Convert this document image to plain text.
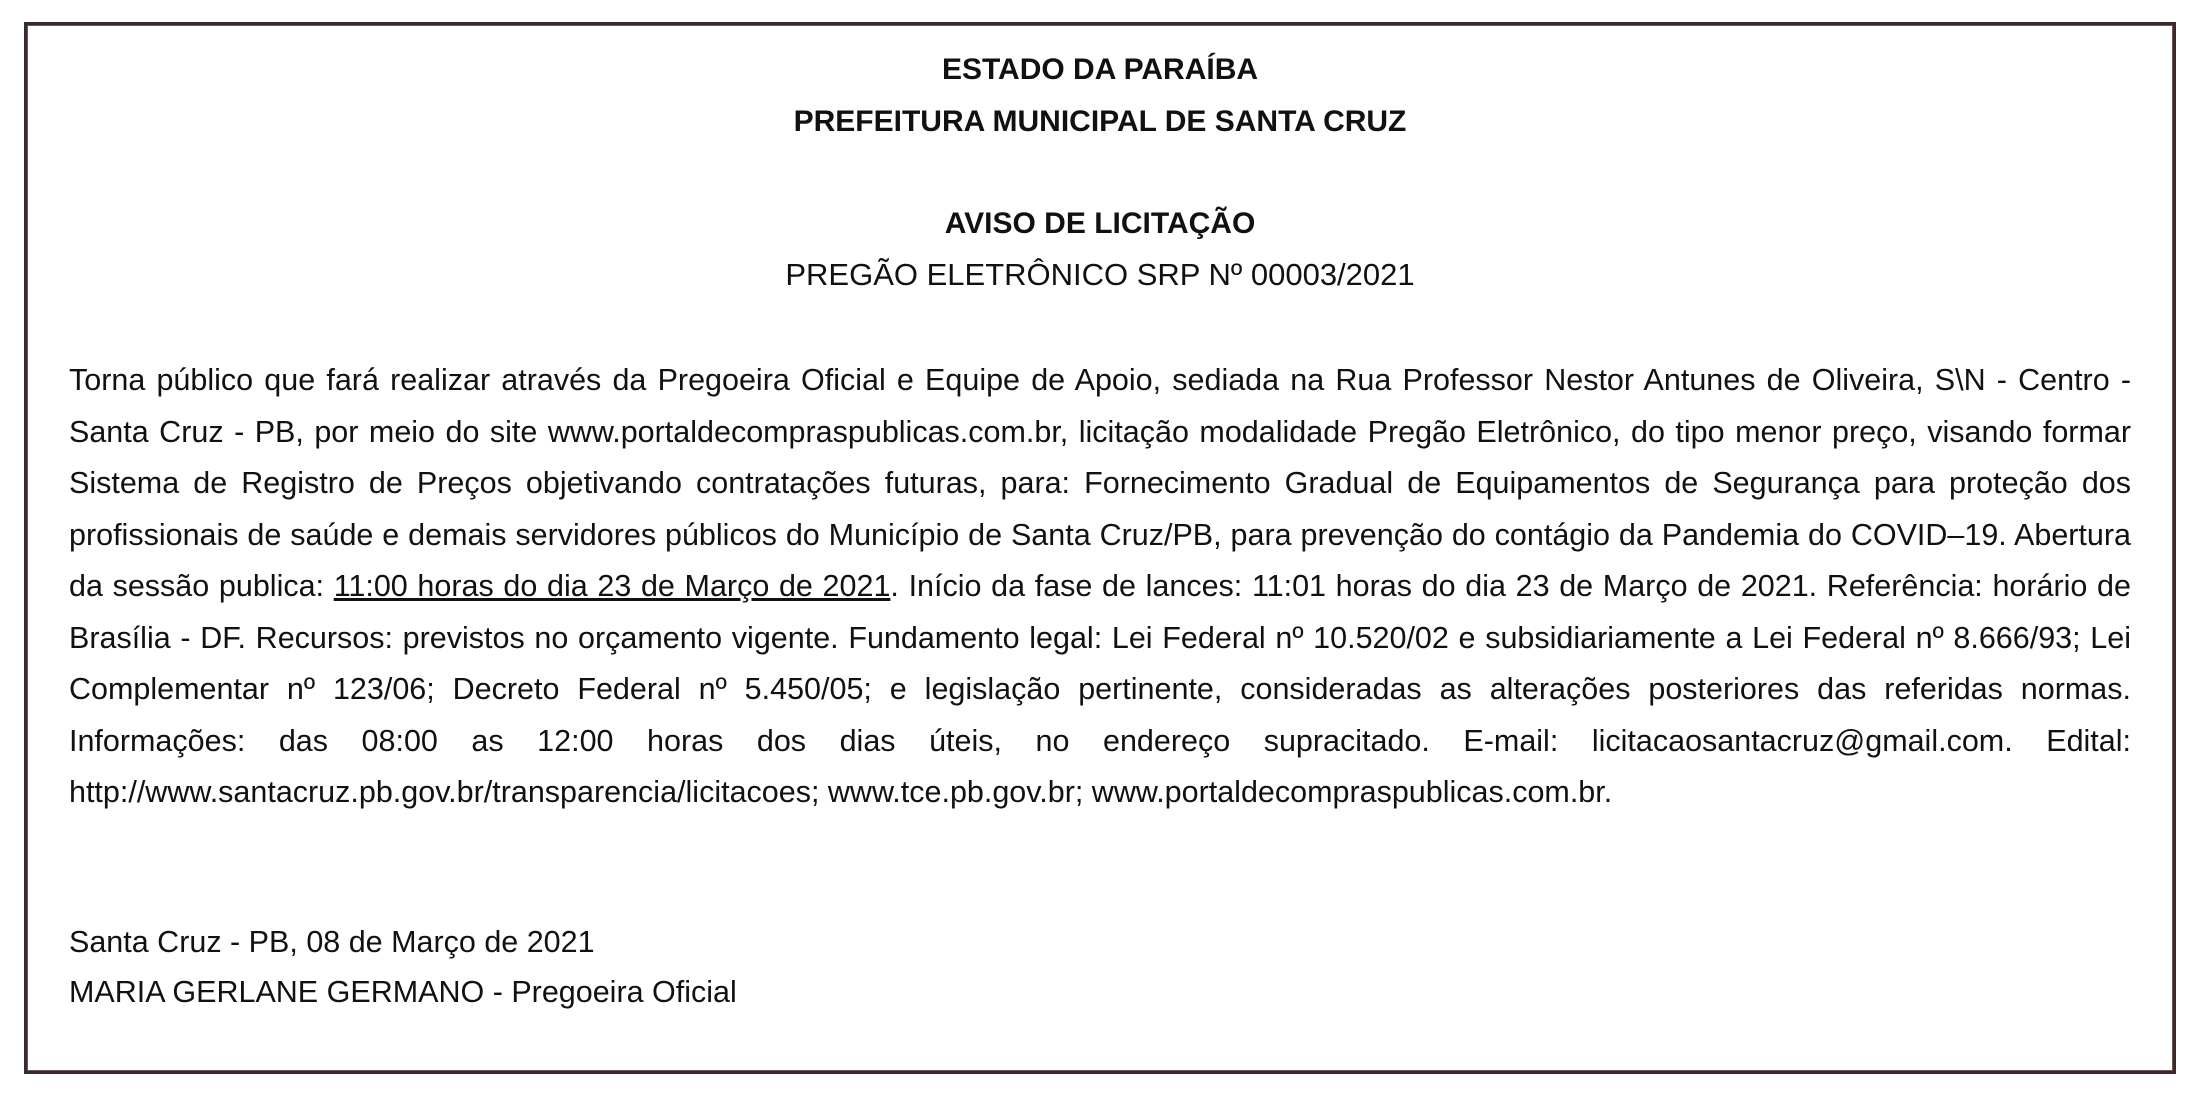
ESTADO DA PARAÍBA
PREFEITURA MUNICIPAL DE SANTA CRUZ
AVISO DE LICITAÇÃO
PREGÃO ELETRÔNICO SRP Nº 00003/2021

Torna público que fará realizar através da Pregoeira Oficial e Equipe de Apoio, sediada na Rua Professor Nestor Antunes de Oliveira, S\N - Centro - Santa Cruz - PB, por meio do site www.portaldecompraspublicas.com.br, licitação modalidade Pregão Eletrônico, do tipo menor preço, visando formar Sistema de Registro de Preços objetivando contratações futuras, para: Fornecimento Gradual de Equipamentos de Segurança para proteção dos profissionais de saúde e demais servidores públicos do Município de Santa Cruz/PB, para prevenção do contágio da Pandemia do COVID–19. Abertura da sessão publica: 11:00 horas do dia 23 de Março de 2021. Início da fase de lances: 11:01 horas do dia 23 de Março de 2021. Referência: horário de Brasília - DF. Recursos: previstos no orçamento vigente. Fundamento legal: Lei Federal nº 10.520/02 e subsidiariamente a Lei Federal nº 8.666/93; Lei Complementar nº 123/06; Decreto Federal nº 5.450/05; e legislação pertinente, consideradas as alterações posteriores das referidas normas. Informações: das 08:00 as 12:00 horas dos dias úteis, no endereço supracitado. E-mail: licitacaosantacruz@gmail.com. Edital: http://www.santacruz.pb.gov.br/transparencia/licitacoes; www.tce.pb.gov.br; www.portaldecompraspublicas.com.br.

Santa Cruz - PB, 08 de Março de 2021
MARIA GERLANE GERMANO - Pregoeira Oficial
